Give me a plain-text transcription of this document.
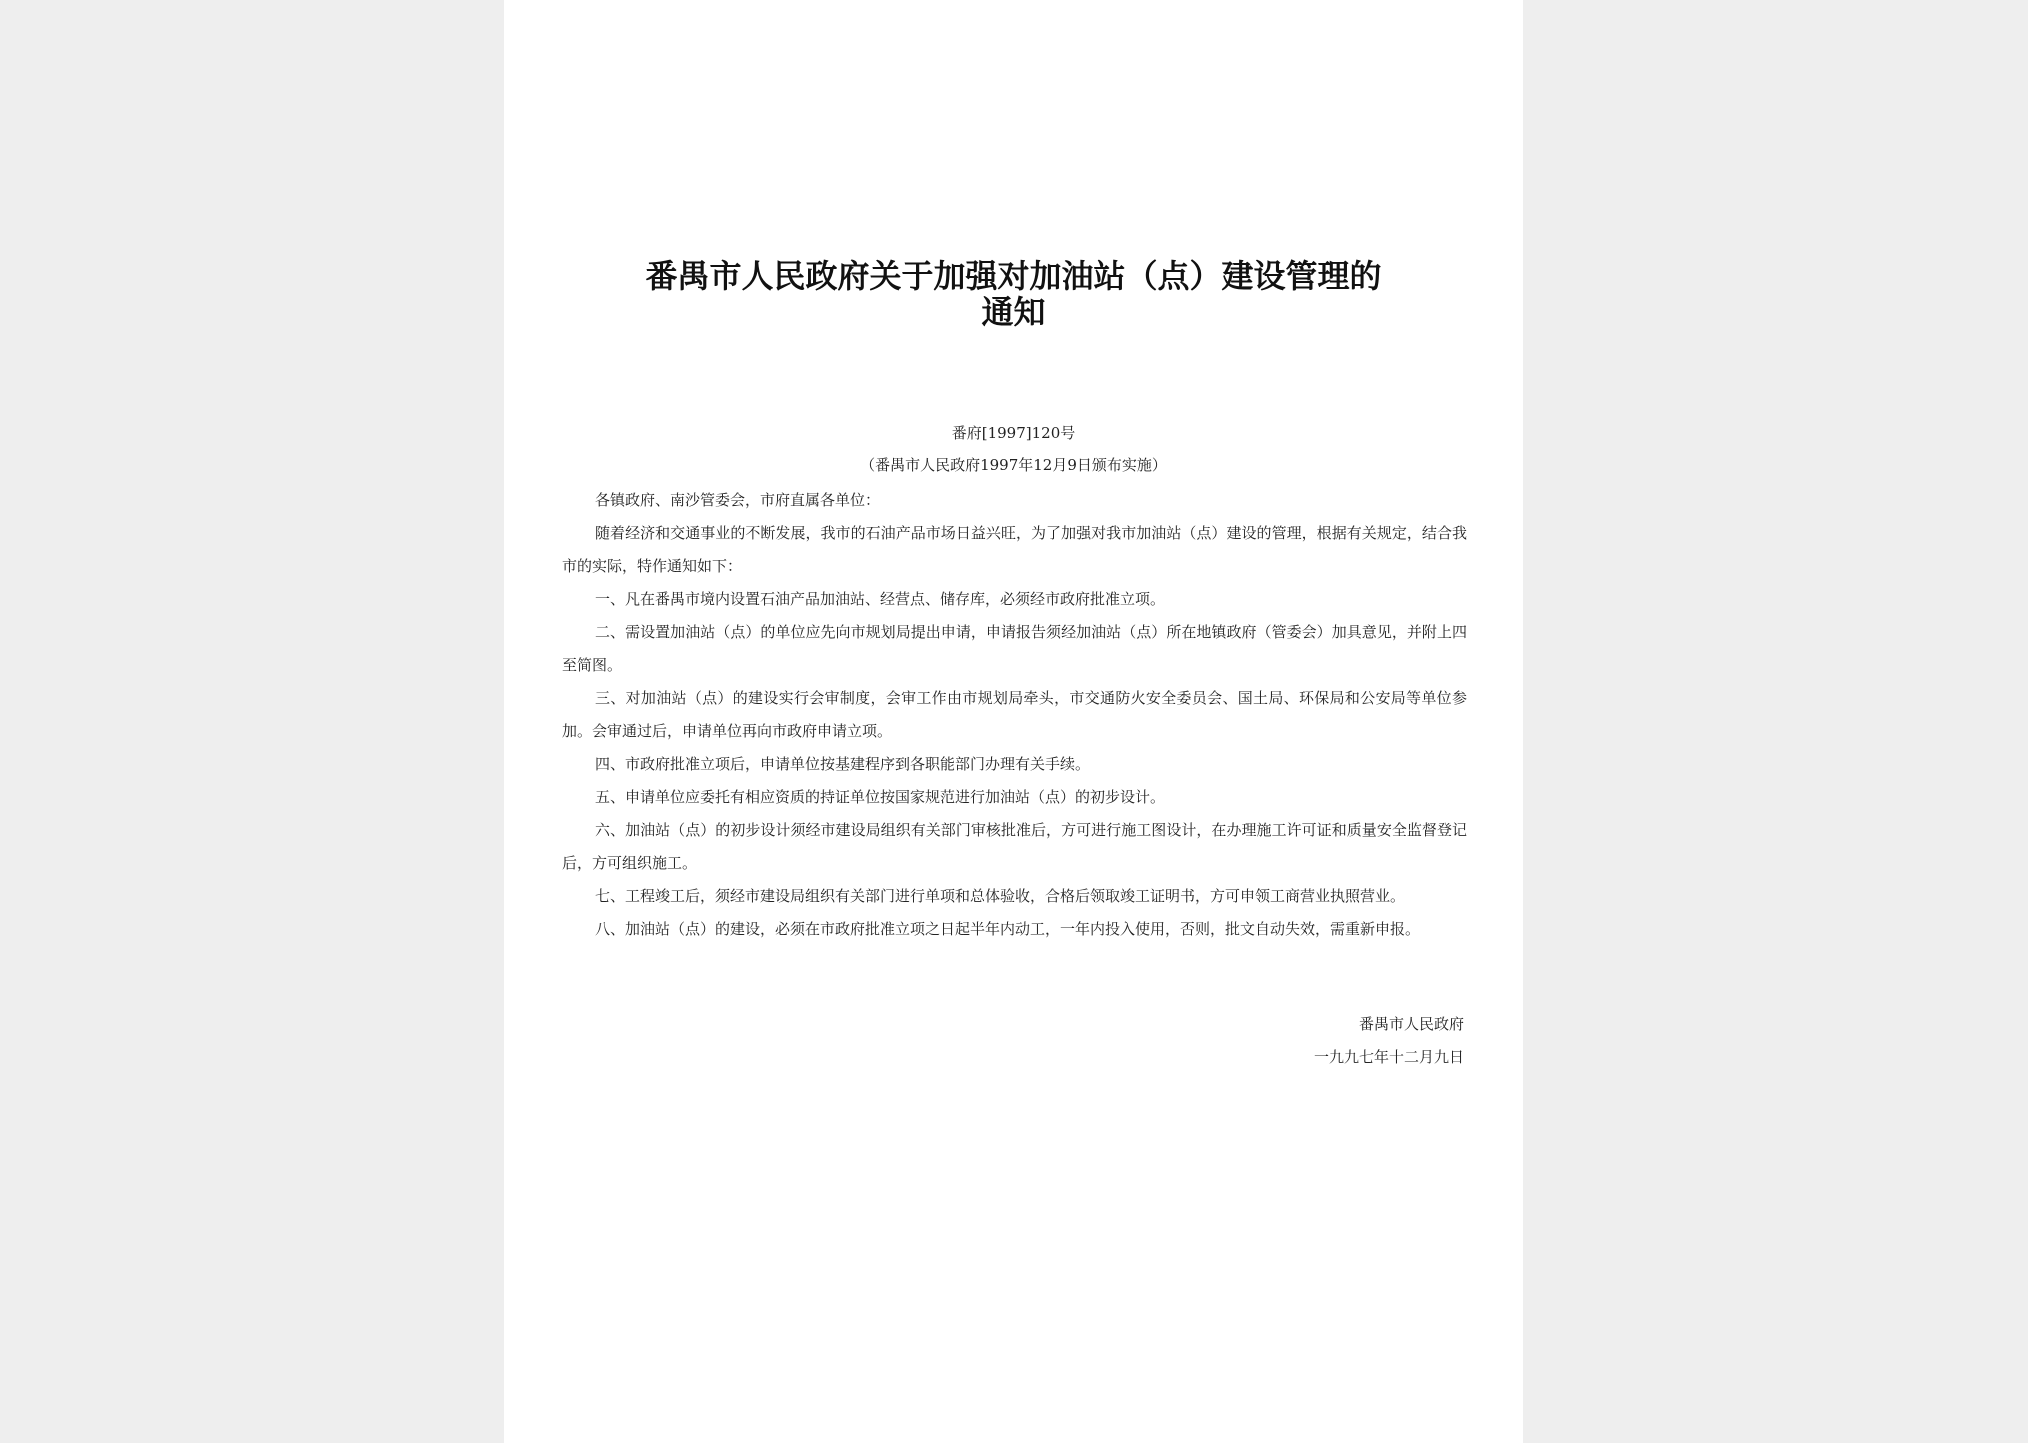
番禺市人民政府关于加强对加油站（点）建设管理的
通知
番府[1997]120号
（番禺市人民政府1997年12月9日颁布实施）

各镇政府、南沙管委会，市府直属各单位：

随着经济和交通事业的不断发展，我市的石油产品市场日益兴旺，为了加强对我市加油站（点）建设的管理，根据有关规定，结合我市的实际，特作通知如下：

一、凡在番禺市境内设置石油产品加油站、经营点、储存库，必须经市政府批准立项。

二、需设置加油站（点）的单位应先向市规划局提出申请，申请报告须经加油站（点）所在地镇政府（管委会）加具意见，并附上四至简图。

三、对加油站（点）的建设实行会审制度，会审工作由市规划局牵头，市交通防火安全委员会、国土局、环保局和公安局等单位参加。会审通过后，申请单位再向市政府申请立项。

四、市政府批准立项后，申请单位按基建程序到各职能部门办理有关手续。

五、申请单位应委托有相应资质的持证单位按国家规范进行加油站（点）的初步设计。

六、加油站（点）的初步设计须经市建设局组织有关部门审核批准后，方可进行施工图设计，在办理施工许可证和质量安全监督登记后，方可组织施工。

七、工程竣工后，须经市建设局组织有关部门进行单项和总体验收，合格后领取竣工证明书，方可申领工商营业执照营业。

八、加油站（点）的建设，必须在市政府批准立项之日起半年内动工，一年内投入使用，否则，批文自动失效，需重新申报。

番禺市人民政府
一九九七年十二月九日
